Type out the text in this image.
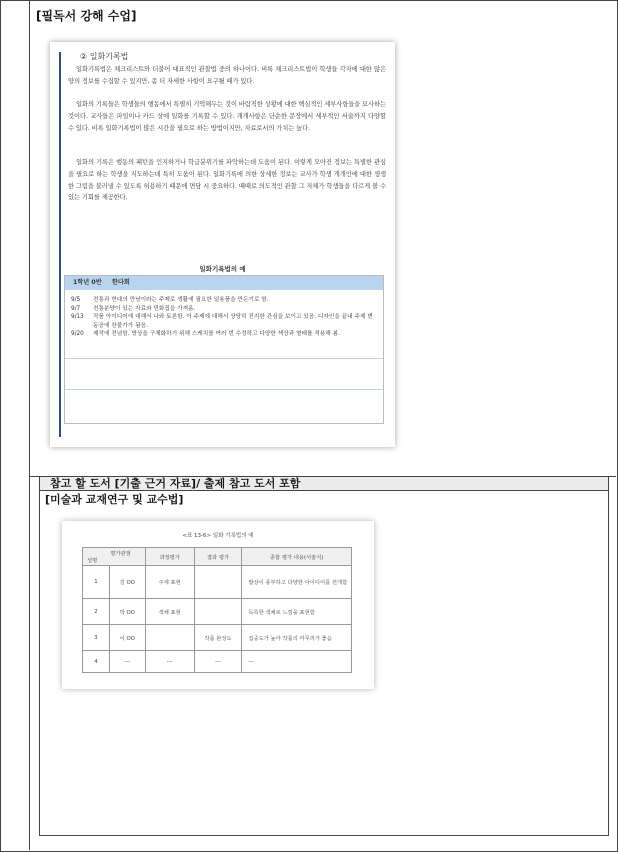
[필독서 강해 수업]
② 일화기록법

일화기록법은 체크리스트와 더불어 대표적인 관찰법 중의 하나이다. 비록 체크리스트법이 학생들 각자에 대한 많은 양의 정보를 수집할 수 있지만, 좀 더 자세한 사항이 요구될 때가 있다.

일화의 기록들은 학생들의 행동에서 특별히 기억해두는 것이 바람직한 상황에 대한 핵심적인 세부사항들을 묘사하는 것이다. 교사들은 파일이나 카드 상에 일화를 기록할 수 있다. 개개사항은 단순한 문장에서 세부적인 서술까지 다양할 수 있다. 비록 일화기록법이 많은 시간을 필요로 하는 방법이지만, 자료로서의 가치는 높다.

일화의 기록은 행동의 패턴을 인지하거나 학급분위기를 파악하는데 도움이 된다. 이렇게 모아진 정보는 특별한 관심을 필요로 하는 학생을 지도하는데 특히 도움이 된다. 일화기록에 의한 상세한 정보는 교사가 학생 개개인에 대한 생생한 그림을 불러낼 수 있도록 허용하기 때문에 면담 시 중요하다. 때때로 의도적인 관찰 그 자체가 학생들을 다르게 볼 수 있는 기회를 제공한다.

일화기록법의 예
1학년 0반 한다희
9/5	전통과 현대의 만남이라는 주제로 생활에 필요한 일용품을 만든기로 함.
9/7	전통분양이 있는 자료와 민화집을 가져옴.
9/13	작품 아이디어에 대해서 나와 토론함. 이 주제에 대해서 상당히 진지한 관심을 보이고 있음. 디자인을 끝내 주제 변동공에 찬물가가 됨음.
9/20	제작에 전념함. 방상을 구체화하기 위해 스케치를 여러 번 수정하고 다양한 색상과 형태를 적용해 봄.
참고 할 도서 [기출 근거 자료]/ 출제 참고 도서 포함
[미술과 교재연구 및 교수법]
<표 13-6> 일화 기록법의 예
평가관점
성명		과정평가	결과 평가	종합 평가 내용(서술식)
1	김 OO	주제 표현		발상이 풍부하고 다양한 아이디어를 전개함
2	박 OO	색채 표현		독특한 색채로 느낌을 표현함
3	이 OO		작품 완성도	집중도가 높아 작품의 마무리가 좋음
4	---	---	---	---
